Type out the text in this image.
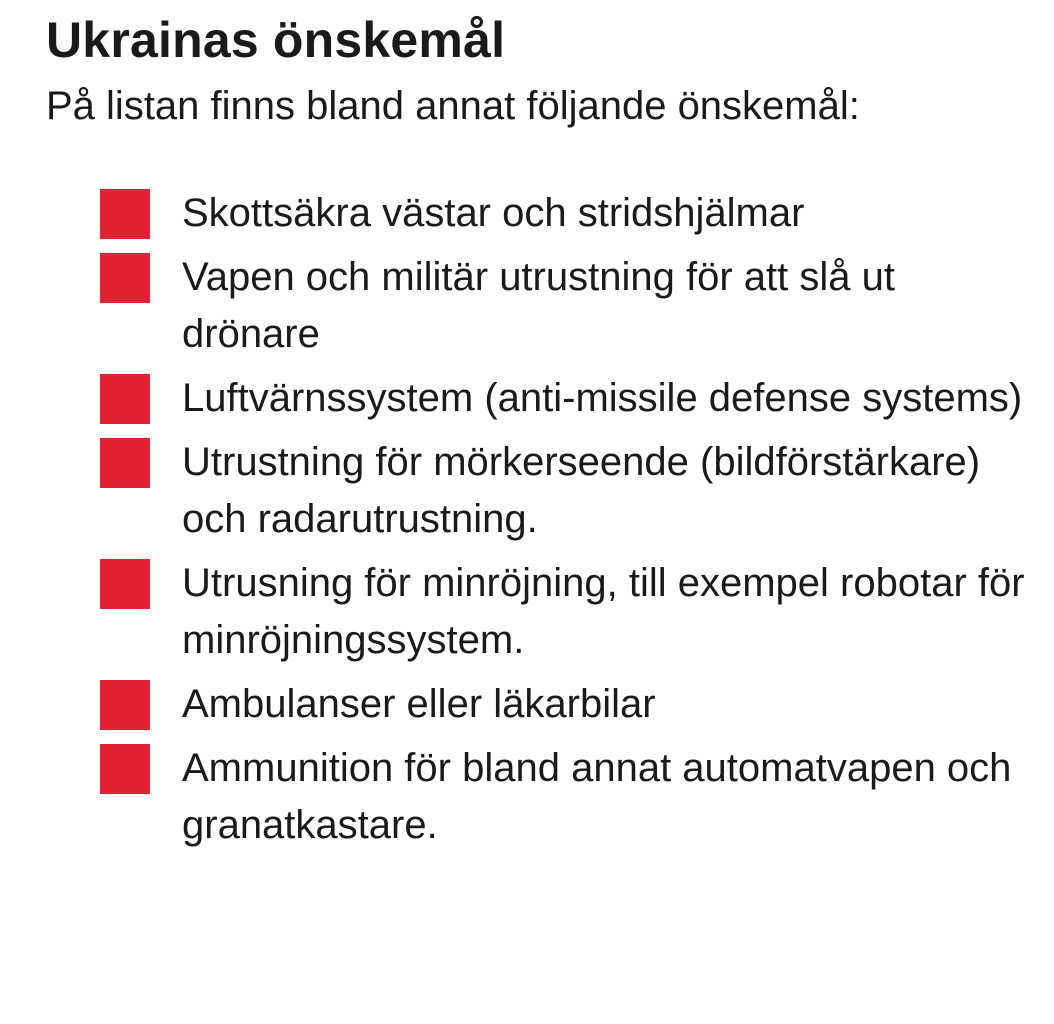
Ukrainas önskemål

På listan finns bland annat följande önskemål:

Skottsäkra västar och stridshjälmar
Vapen och militär utrustning för att slå ut drönare
Luftvärnssystem (anti-missile defense systems)
Utrustning för mörkerseende (bildförstärkare) och radarutrustning.
Utrusning för minröjning, till exempel robotar för minröjningssystem.
Ambulanser eller läkarbilar
Ammunition för bland annat automatvapen och granatkastare.
